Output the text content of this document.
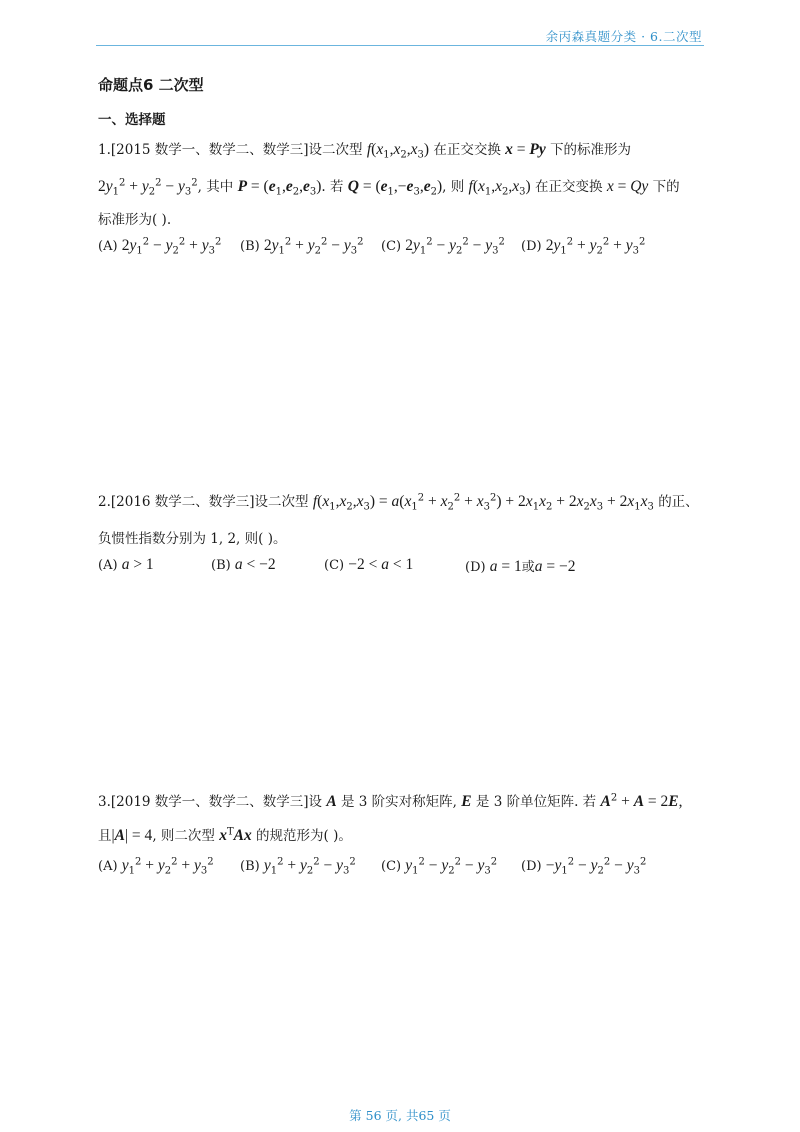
余丙森真题分类 · 6.二次型
命题点6 二次型
一、选择题
1.[2015 数学一、数学二、数学三]设二次型 $f(x_1,x_2,x_3)$ 在正交交换 x = Py 下的标准形为
$2y_1^2 + y_2^2 - y_3^2$, 其中 $P = (e_1,e_2,e_3)$. 若 $Q = (e_1,-e_3,e_2)$, 则 $f(x_1,x_2,x_3)$ 在正交变换 x = Qy 下的
标准形为( ).
(A) $2y_1^2 - y_2^2 + y_3^2$ (B) $2y_1^2 + y_2^2 - y_3^2$ (C) $2y_1^2 - y_2^2 - y_3^2$ (D) $2y_1^2 + y_2^2 + y_3^2$
2.[2016 数学二、数学三]设二次型 $f(x_1,x_2,x_3) = a(x_1^2 + x_2^2 + x_3^2) + 2x_1x_2 + 2x_2x_3 + 2x_1x_3$ 的正、
负惯性指数分别为 1, 2, 则( )。
(A) a > 1	(B) a < −2	(C) −2 < a < 1	(D) a = 1或a = −2
3.[2019 数学一、数学二、数学三]设 A 是 3 阶实对称矩阵, E 是 3 阶单位矩阵. 若 $A^2 + A = 2E$,
且|A| = 4, 则二次型 $x^TAx$ 的规范形为( )。
(A) $y_1^2 + y_2^2 + y_3^2$ (B) $y_1^2 + y_2^2 - y_3^2$ (C) $y_1^2 - y_2^2 - y_3^2$ $(D) -y_1^2 - y_2^2 - y_3^2$
第 56 页, 共65 页
